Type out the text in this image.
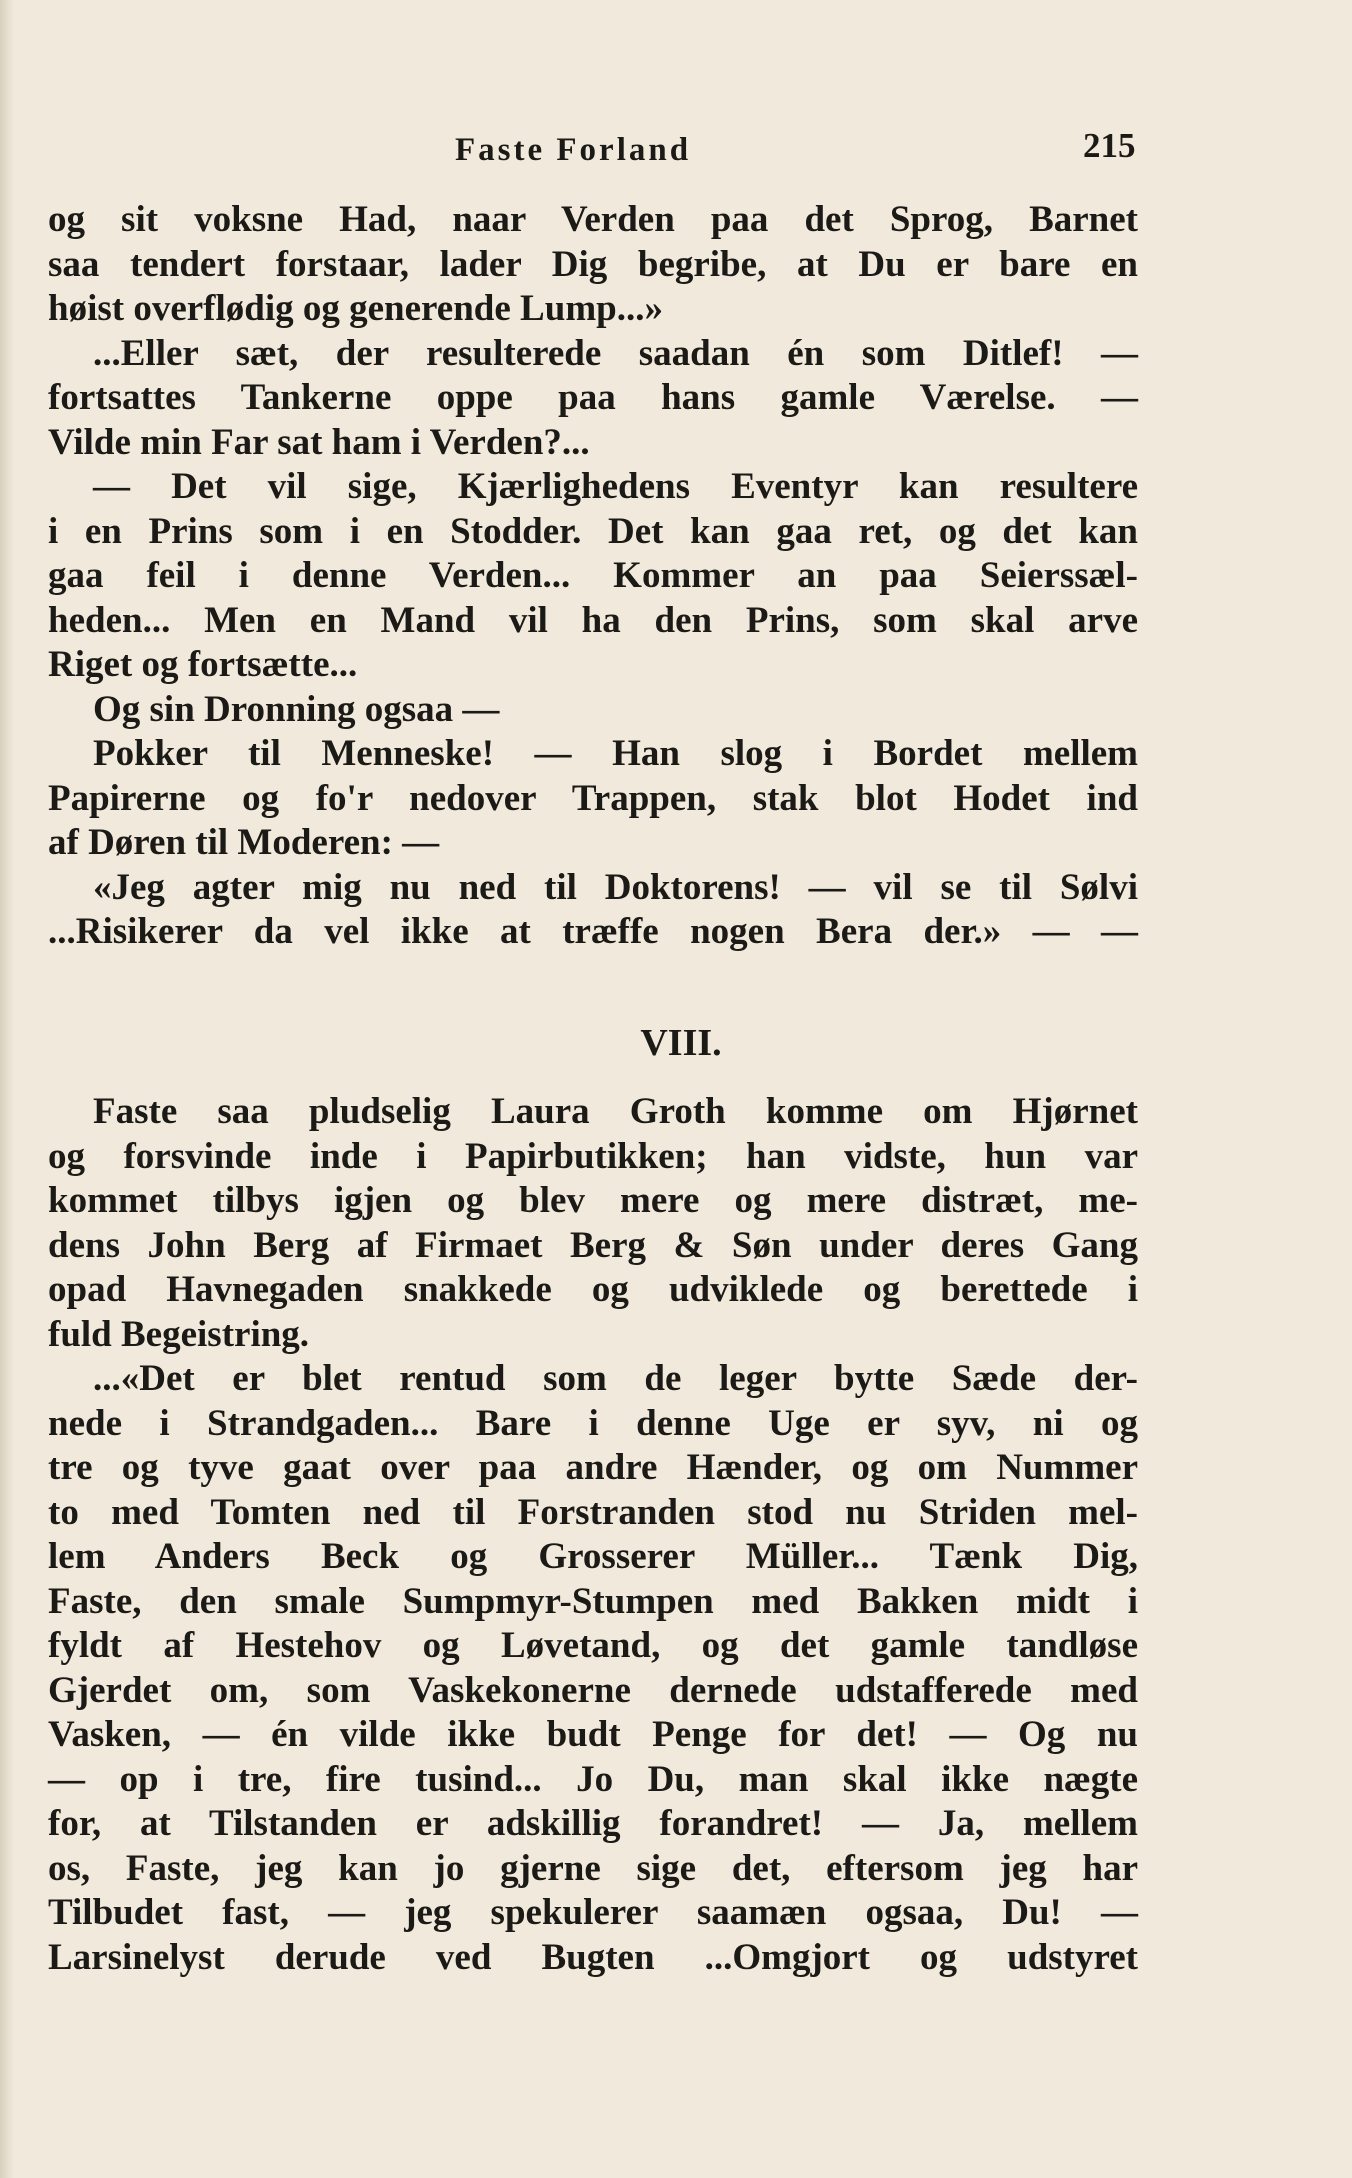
Faste Forland	215
og sit voksne Had, naar Verden paa det Sprog, Barnet
saa tendert forstaar, lader Dig begribe, at Du er bare en
høist overflødig og generende Lump...»
...Eller sæt, der resulterede saadan én som Ditlef! —
fortsattes Tankerne oppe paa hans gamle Værelse. —
Vilde min Far sat ham i Verden?...
— Det vil sige, Kjærlighedens Eventyr kan resultere
i en Prins som i en Stodder. Det kan gaa ret, og det kan
gaa feil i denne Verden... Kommer an paa Seierssæl-
heden... Men en Mand vil ha den Prins, som skal arve
Riget og fortsætte...
Og sin Dronning ogsaa —
Pokker til Menneske! — Han slog i Bordet mellem
Papirerne og fo'r nedover Trappen, stak blot Hodet ind
af Døren til Moderen: —
«Jeg agter mig nu ned til Doktorens! — vil se til Sølvi
...Risikerer da vel ikke at træffe nogen Bera der.» — —
VIII.
Faste saa pludselig Laura Groth komme om Hjørnet
og forsvinde inde i Papirbutikken; han vidste, hun var
kommet tilbys igjen og blev mere og mere distræt, me-
dens John Berg af Firmaet Berg & Søn under deres Gang
opad Havnegaden snakkede og udviklede og berettede i
fuld Begeistring.
...«Det er blet rentud som de leger bytte Sæde der-
nede i Strandgaden... Bare i denne Uge er syv, ni og
tre og tyve gaat over paa andre Hænder, og om Nummer
to med Tomten ned til Forstranden stod nu Striden mel-
lem Anders Beck og Grosserer Müller... Tænk Dig,
Faste, den smale Sumpmyr-Stumpen med Bakken midt i
fyldt af Hestehov og Løvetand, og det gamle tandløse
Gjerdet om, som Vaskekonerne dernede udstafferede med
Vasken, — én vilde ikke budt Penge for det! — Og nu
— op i tre, fire tusind... Jo Du, man skal ikke nægte
for, at Tilstanden er adskillig forandret! — Ja, mellem
os, Faste, jeg kan jo gjerne sige det, eftersom jeg har
Tilbudet fast, — jeg spekulerer saamæn ogsaa, Du! —
Larsinelyst derude ved Bugten ...Omgjort og udstyret
